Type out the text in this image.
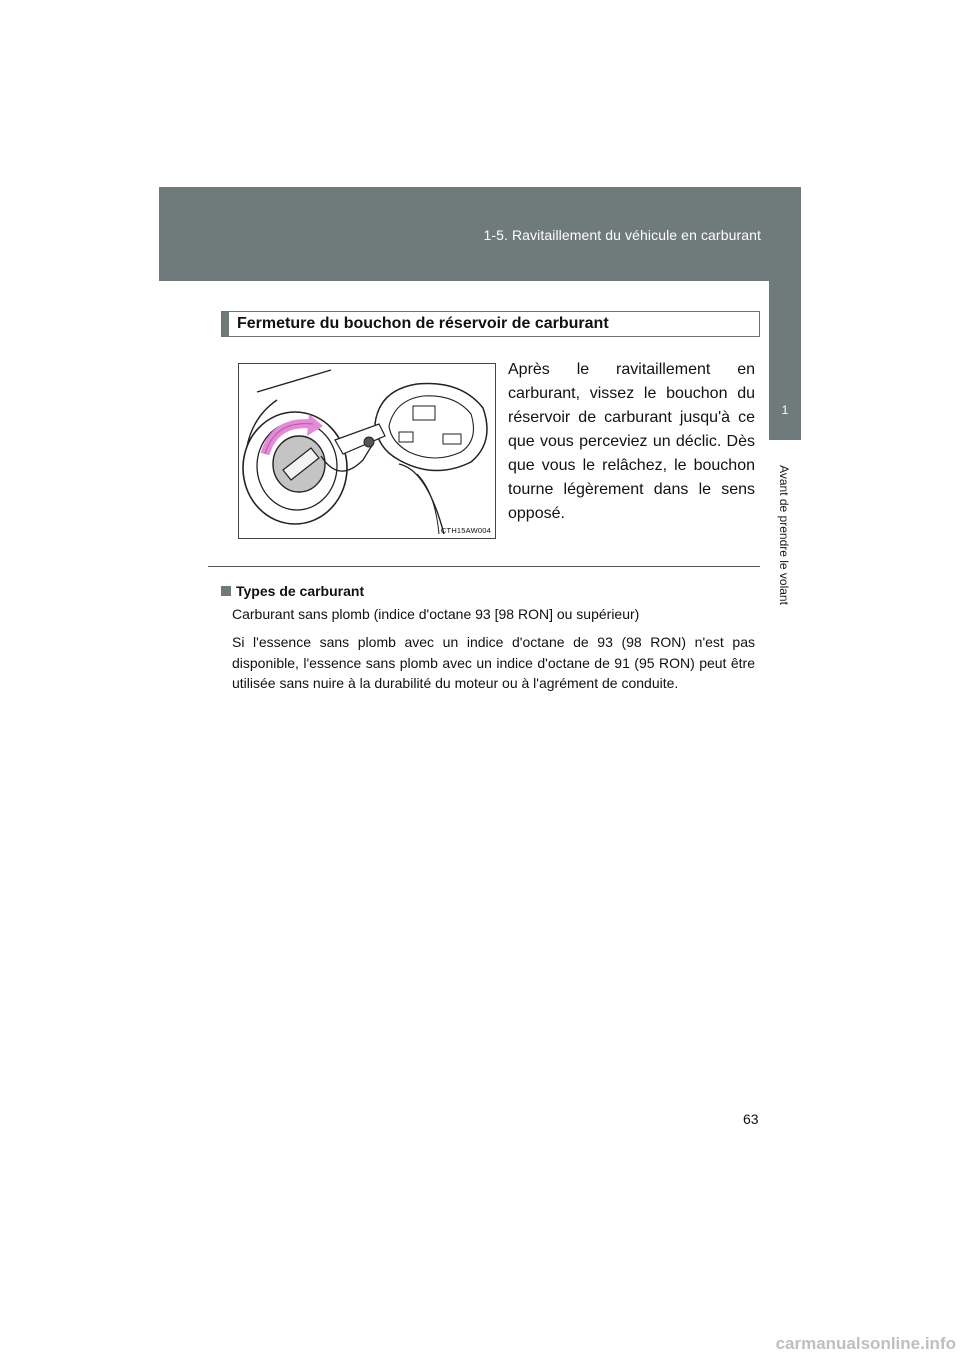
1-5. Ravitaillement du véhicule en carburant
1
Avant de prendre le volant
Fermeture du bouchon de réservoir de carburant
CTH15AW004

Après le ravitaillement en carburant, vissez le bouchon du réservoir de carburant jusqu'à ce que vous perceviez un déclic. Dès que vous le relâchez, le bouchon tourne légèrement dans le sens opposé.

Types de carburant

Carburant sans plomb (indice d'octane 93 [98 RON] ou supérieur)

Si l'essence sans plomb avec un indice d'octane de 93 (98 RON) n'est pas disponible, l'essence sans plomb avec un indice d'octane de 91 (95 RON) peut être utilisée sans nuire à la durabilité du moteur ou à l'agrément de conduite.

63
carmanualsonline.info
